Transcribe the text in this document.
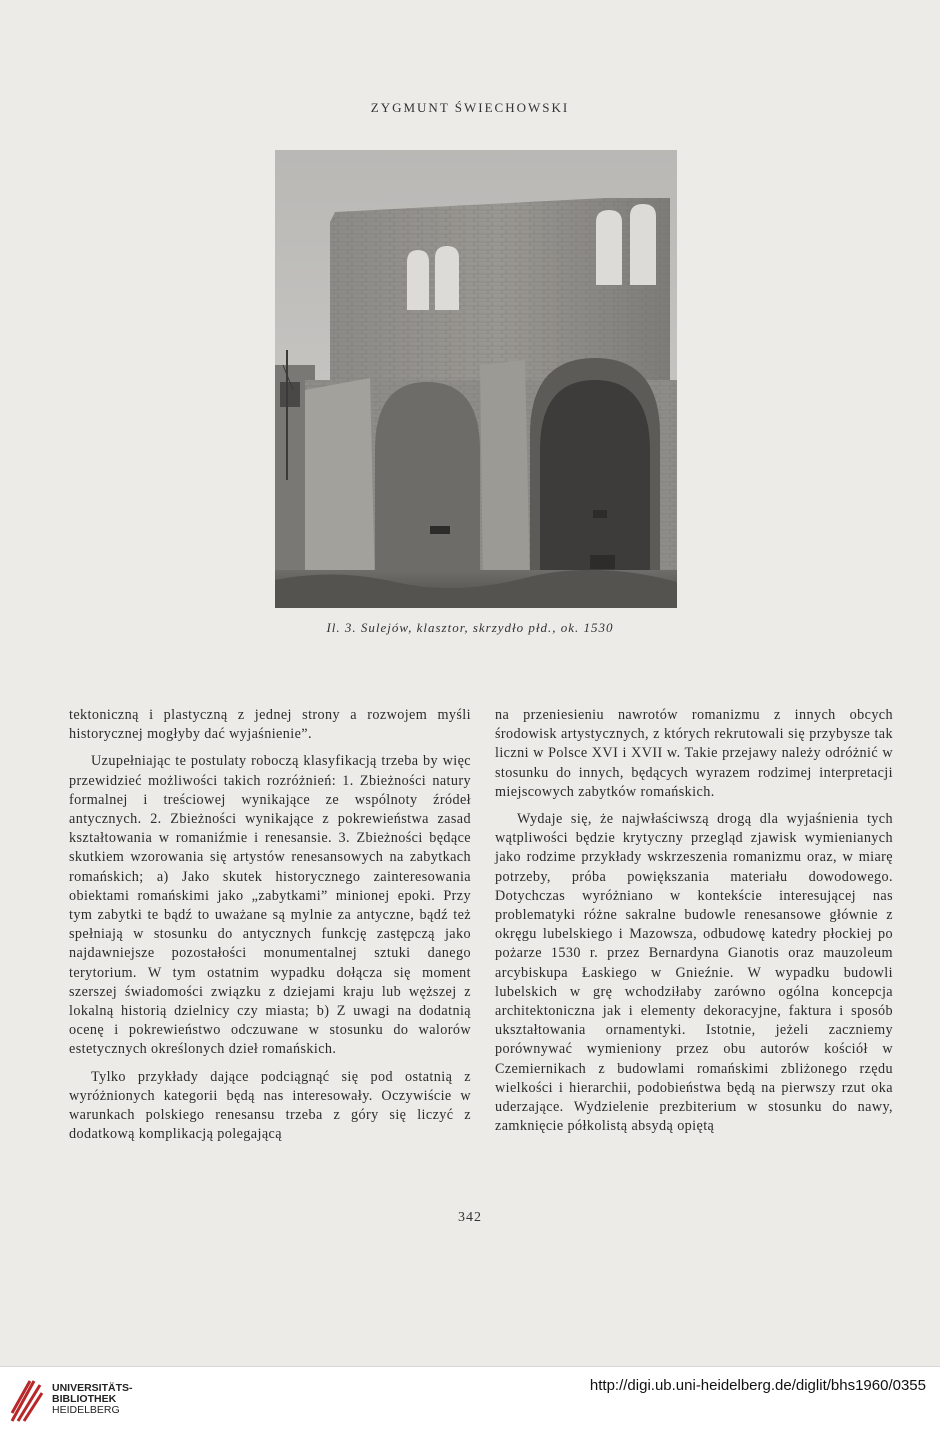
ZYGMUNT ŚWIECHOWSKI
Il. 3. Sulejów, klasztor, skrzydło płd., ok. 1530

tektoniczną i plastyczną z jednej strony a rozwojem myśli historycznej mogłyby dać wyjaśnienie”.

Uzupełniając te postulaty roboczą klasyfikacją trzeba by więc przewidzieć możliwości takich rozróżnień: 1. Zbieżności natury formalnej i treściowej wynikające ze wspólnoty źródeł antycznych. 2. Zbieżności wynikające z pokrewieństwa zasad kształtowania w romaniźmie i renesansie. 3. Zbieżności będące skutkiem wzorowania się artystów renesansowych na zabytkach romańskich; a) Jako skutek historycznego zainteresowania obiektami romańskimi jako „zabytkami” minionej epoki. Przy tym zabytki te bądź to uważane są mylnie za antyczne, bądź też spełniają w stosunku do antycznych funkcję zastępczą jako najdawniejsze pozostałości monumentalnej sztuki danego terytorium. W tym ostatnim wypadku dołącza się moment szerszej świadomości związku z dziejami kraju lub węższej z lokalną historią dzielnicy czy miasta; b) Z uwagi na dodatnią ocenę i pokrewieństwo odczuwane w stosunku do walorów estetycznych określonych dzieł romańskich.

Tylko przykłady dające podciągnąć się pod ostatnią z wyróżnionych kategorii będą nas interesowały. Oczywiście w warunkach polskiego renesansu trzeba z góry się liczyć z dodatkową komplikacją polegającą

na przeniesieniu nawrotów romanizmu z innych obcych środowisk artystycznych, z których rekrutowali się przybysze tak liczni w Polsce XVI i XVII w. Takie przejawy należy odróżnić w stosunku do innych, będących wyrazem rodzimej interpretacji miejscowych zabytków romańskich.

Wydaje się, że najwłaściwszą drogą dla wyjaśnienia tych wątpliwości będzie krytyczny przegląd zjawisk wymienianych jako rodzime przykłady wskrzeszenia romanizmu oraz, w miarę potrzeby, próba powiększania materiału dowodowego. Dotychczas wyróżniano w kontekście interesującej nas problematyki różne sakralne budowle renesansowe głównie z okręgu lubelskiego i Mazowsza, odbudowę katedry płockiej po pożarze 1530 r. przez Bernardyna Gianotis oraz mauzoleum arcybiskupa Łaskiego w Gnieźnie. W wypadku budowli lubelskich w grę wchodziłaby zarówno ogólna koncepcja architektoniczna jak i elementy dekoracyjne, faktura i sposób ukształtowania ornamentyki. Istotnie, jeżeli zaczniemy porównywać wymieniony przez obu autorów kościół w Czemiernikach z budowlami romańskimi zbliżonego rzędu wielkości i hierarchii, podobieństwa będą na pierwszy rzut oka uderzające. Wydzielenie prezbiterium w stosunku do nawy, zamknięcie półkolistą absydą opiętą

342
UNIVERSITÄTS-
BIBLIOTHEK
HEIDELBERG
http://digi.ub.uni-heidelberg.de/diglit/bhs1960/0355
